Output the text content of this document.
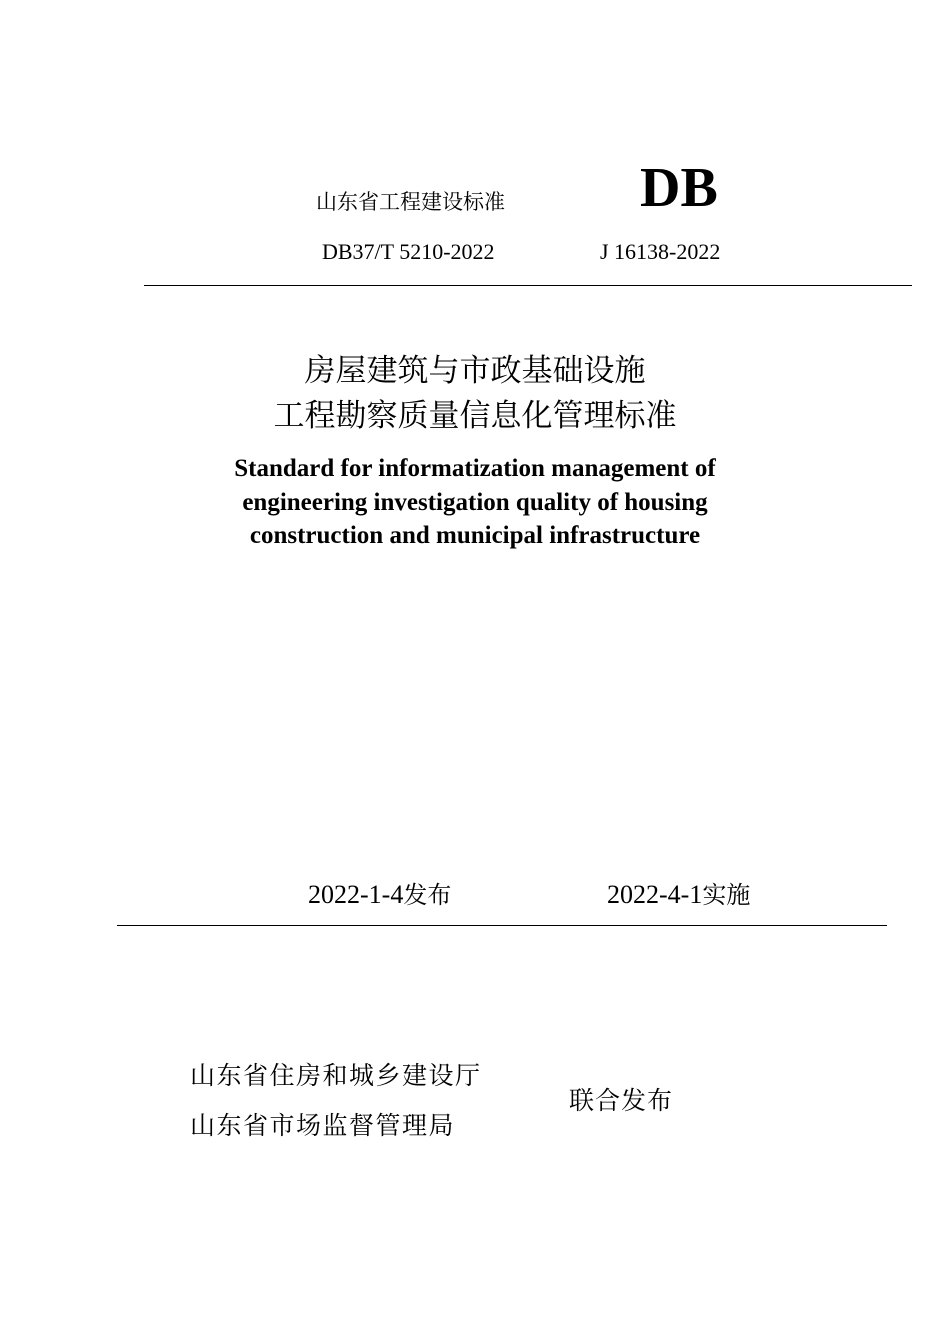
山东省工程建设标准 DB
DB37/T 5210-2022	J 16138-2022
房屋建筑与市政基础设施
工程勘察质量信息化管理标准
Standard for informatization management of
engineering investigation quality of housing
construction and municipal infrastructure
2022-1-4发布	2022-4-1实施
山东省住房和城乡建设厅
山东省市场监督管理局
联合发布
